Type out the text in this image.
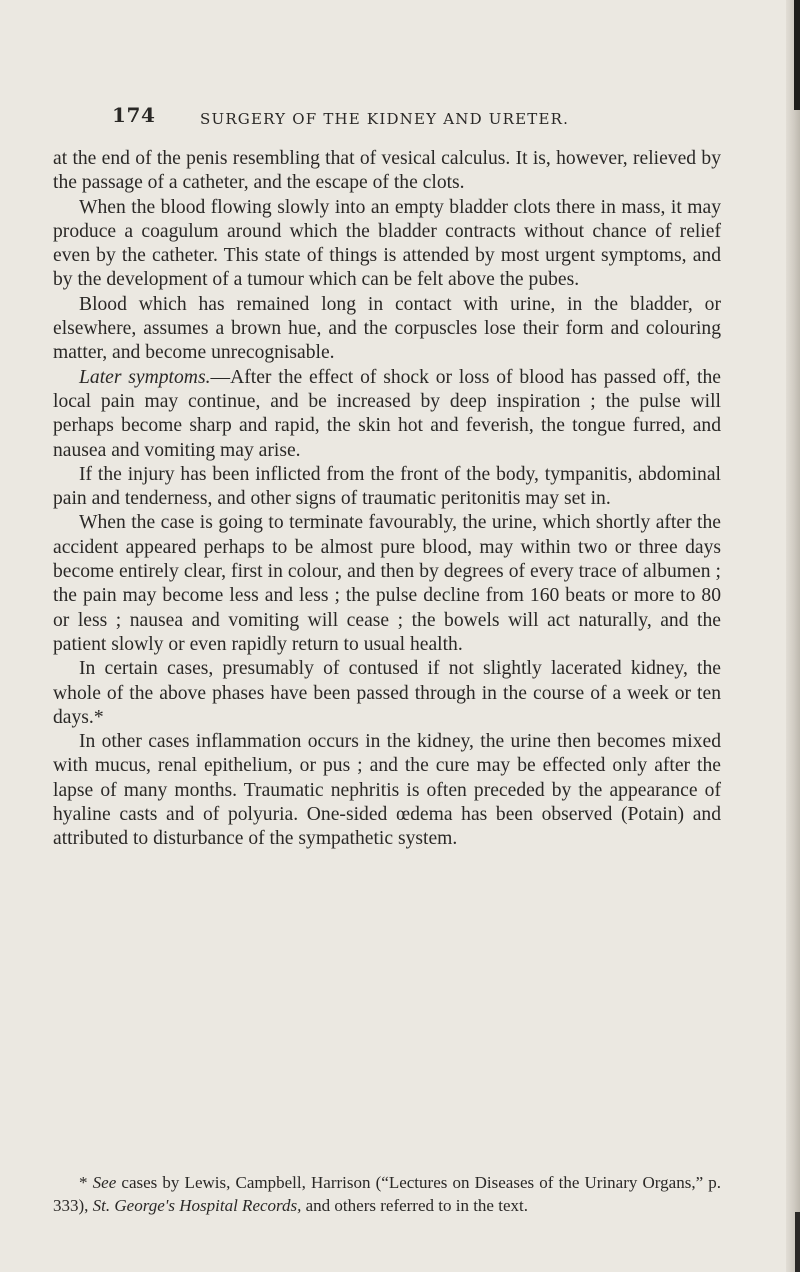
174	SURGERY OF THE KIDNEY AND URETER.

at the end of the penis resembling that of vesical calculus. It is, however, relieved by the passage of a catheter, and the escape of the clots.

When the blood flowing slowly into an empty bladder clots there in mass, it may produce a coagulum around which the bladder contracts without chance of relief even by the catheter. This state of things is attended by most urgent symptoms, and by the development of a tumour which can be felt above the pubes.

Blood which has remained long in contact with urine, in the bladder, or elsewhere, assumes a brown hue, and the corpuscles lose their form and colouring matter, and become unrecognisable.

Later symptoms.—After the effect of shock or loss of blood has passed off, the local pain may continue, and be increased by deep inspiration ; the pulse will perhaps become sharp and rapid, the skin hot and feverish, the tongue furred, and nausea and vomiting may arise.

If the injury has been inflicted from the front of the body, tympanitis, abdominal pain and tenderness, and other signs of traumatic peritonitis may set in.

When the case is going to terminate favourably, the urine, which shortly after the accident appeared perhaps to be almost pure blood, may within two or three days become entirely clear, first in colour, and then by degrees of every trace of albumen ; the pain may become less and less ; the pulse decline from 160 beats or more to 80 or less ; nausea and vomiting will cease ; the bowels will act naturally, and the patient slowly or even rapidly return to usual health.

In certain cases, presumably of contused if not slightly lacerated kidney, the whole of the above phases have been passed through in the course of a week or ten days.*

In other cases inflammation occurs in the kidney, the urine then becomes mixed with mucus, renal epithelium, or pus ; and the cure may be effected only after the lapse of many months. Traumatic nephritis is often preceded by the appearance of hyaline casts and of polyuria. One-sided œdema has been observed (Potain) and attributed to disturbance of the sympathetic system.

* See cases by Lewis, Campbell, Harrison (“Lectures on Diseases of the Urinary Organs,” p. 333), St. George's Hospital Records, and others referred to in the text.
